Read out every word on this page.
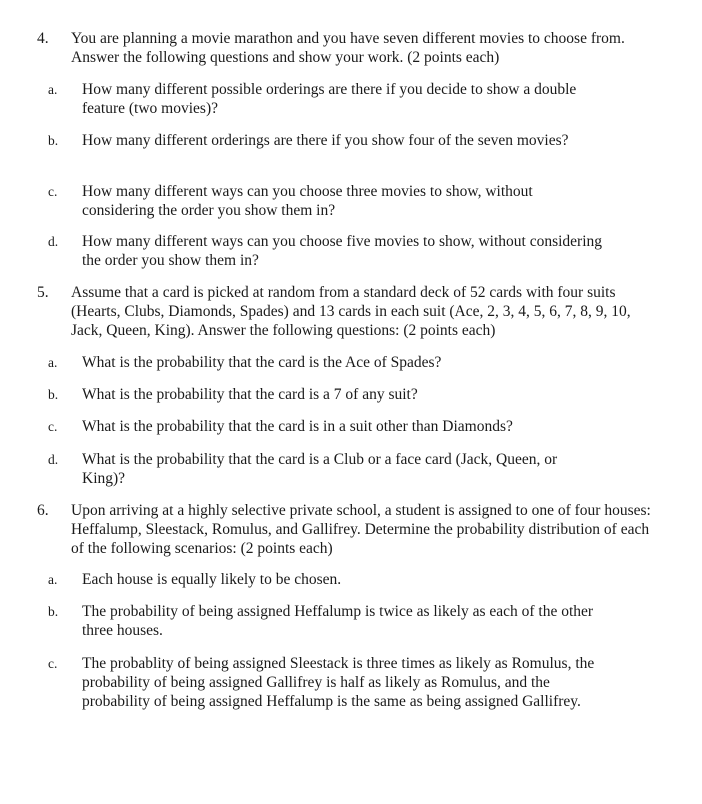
4. You are planning a movie marathon and you have seven different movies to choose from. Answer the following questions and show your work. (2 points each)
a. How many different possible orderings are there if you decide to show a double feature (two movies)?
b. How many different orderings are there if you show four of the seven movies?
c. How many different ways can you choose three movies to show, without considering the order you show them in?
d. How many different ways can you choose five movies to show, without considering the order you show them in?
5. Assume that a card is picked at random from a standard deck of 52 cards with four suits (Hearts, Clubs, Diamonds, Spades) and 13 cards in each suit (Ace, 2, 3, 4, 5, 6, 7, 8, 9, 10, Jack, Queen, King). Answer the following questions: (2 points each)
a. What is the probability that the card is the Ace of Spades?
b. What is the probability that the card is a 7 of any suit?
c. What is the probability that the card is in a suit other than Diamonds?
d. What is the probability that the card is a Club or a face card (Jack, Queen, or King)?
6. Upon arriving at a highly selective private school, a student is assigned to one of four houses: Heffalump, Sleestack, Romulus, and Gallifrey. Determine the probability distribution of each of the following scenarios: (2 points each)
a. Each house is equally likely to be chosen.
b. The probability of being assigned Heffalump is twice as likely as each of the other three houses.
c. The probablity of being assigned Sleestack is three times as likely as Romulus, the probability of being assigned Gallifrey is half as likely as Romulus, and the probability of being assigned Heffalump is the same as being assigned Gallifrey.
